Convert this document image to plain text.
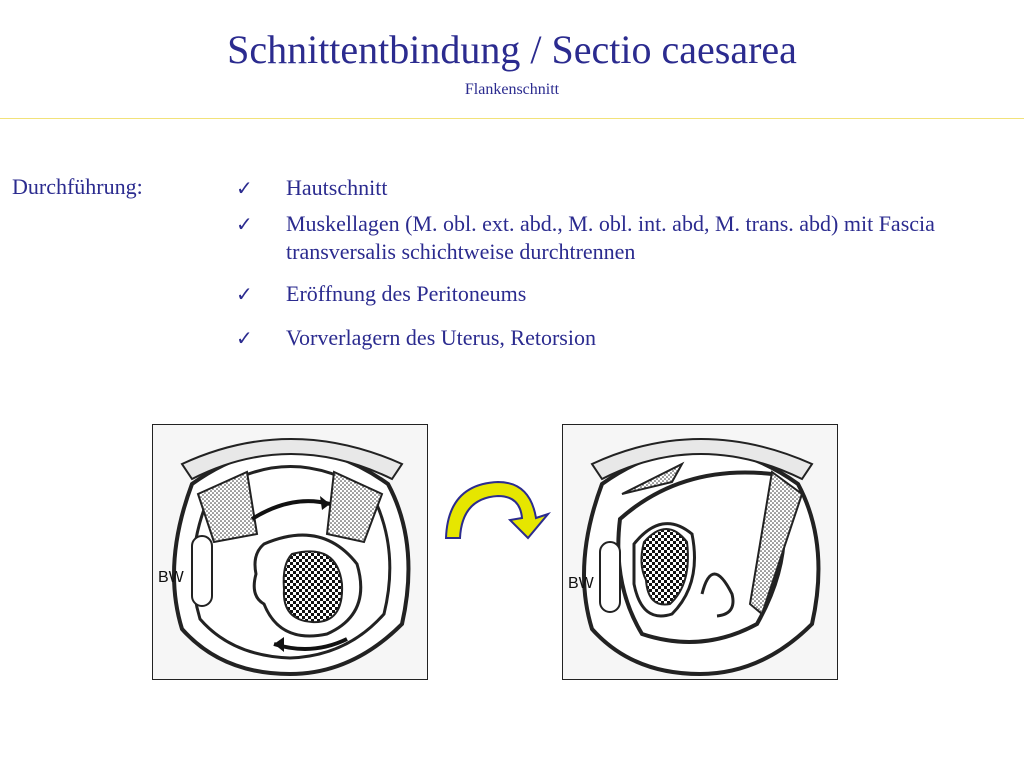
Schnittentbindung / Sectio caesarea
Flankenschnitt
Durchführung:	✓ Hautschnitt
✓ Muskellagen (M. obl. ext. abd., M. obl. int. abd, M. trans. abd) mit Fascia transversalis schichtweise durchtrennen
✓ Eröffnung des Peritoneums
✓ Vorverlagern des Uterus, Retorsion
BW	BW
